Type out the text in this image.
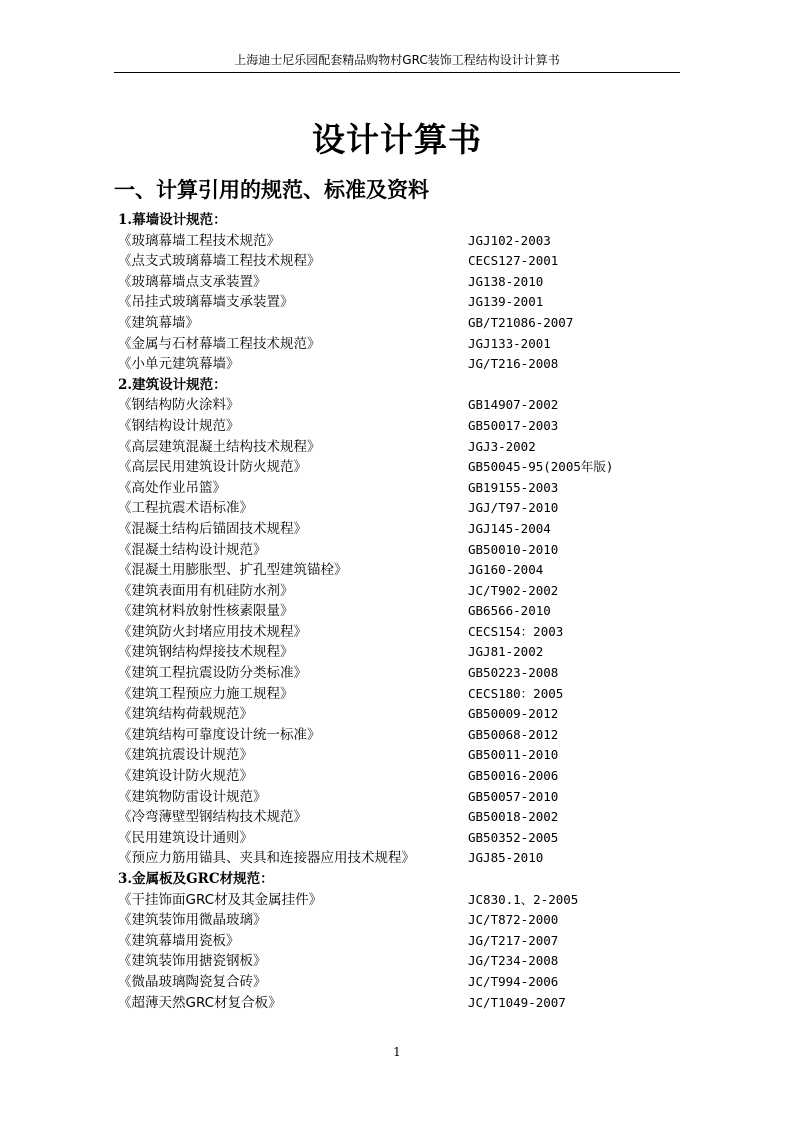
上海迪士尼乐园配套精品购物村GRC装饰工程结构设计计算书
设计计算书
一、计算引用的规范、标准及资料
1.幕墙设计规范：
《玻璃幕墙工程技术规范》	JGJ102-2003
《点支式玻璃幕墙工程技术规程》	CECS127-2001
《玻璃幕墙点支承装置》	JG138-2010
《吊挂式玻璃幕墙支承装置》	JG139-2001
《建筑幕墙》	GB/T21086-2007
《金属与石材幕墙工程技术规范》	JGJ133-2001
《小单元建筑幕墙》	JG/T216-2008
2.建筑设计规范：
《钢结构防火涂料》	GB14907-2002
《钢结构设计规范》	GB50017-2003
《高层建筑混凝土结构技术规程》	JGJ3-2002
《高层民用建筑设计防火规范》	GB50045-95(2005年版)
《高处作业吊篮》	GB19155-2003
《工程抗震术语标准》	JGJ/T97-2010
《混凝土结构后锚固技术规程》	JGJ145-2004
《混凝土结构设计规范》	GB50010-2010
《混凝土用膨胀型、扩孔型建筑锚栓》	JG160-2004
《建筑表面用有机硅防水剂》	JC/T902-2002
《建筑材料放射性核素限量》	GB6566-2010
《建筑防火封堵应用技术规程》	CECS154：2003
《建筑钢结构焊接技术规程》	JGJ81-2002
《建筑工程抗震设防分类标准》	GB50223-2008
《建筑工程预应力施工规程》	CECS180：2005
《建筑结构荷载规范》	GB50009-2012
《建筑结构可靠度设计统一标准》	GB50068-2012
《建筑抗震设计规范》	GB50011-2010
《建筑设计防火规范》	GB50016-2006
《建筑物防雷设计规范》	GB50057-2010
《冷弯薄壁型钢结构技术规范》	GB50018-2002
《民用建筑设计通则》	GB50352-2005
《预应力筋用锚具、夹具和连接器应用技术规程》	JGJ85-2010
3.金属板及GRC材规范：
《干挂饰面GRC材及其金属挂件》	JC830.1、2-2005
《建筑装饰用微晶玻璃》	JC/T872-2000
《建筑幕墙用瓷板》	JG/T217-2007
《建筑装饰用搪瓷钢板》	JG/T234-2008
《微晶玻璃陶瓷复合砖》	JC/T994-2006
《超薄天然GRC材复合板》	JC/T1049-2007
1
